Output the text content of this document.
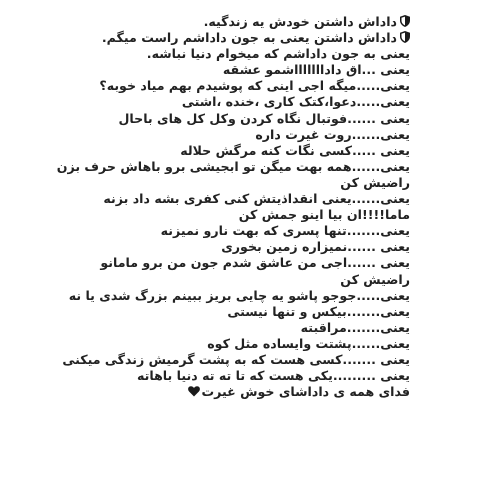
داداش داشتن خودش یه زندگیه.
داداش داشتن یعنی به جون داداشم راست میگم.
یعنی به جون داداشم که میخوام دنیا نباشه.
یعنی ...اق داداااااااشمو عشقه
یعنی.....میگه اجی اینی که پوشیدم بهم میاد خوبه؟
یعنی.....دعوا،کتک کاری ،خنده ،اشتی
یعنی ......فوتبال نگاه کردن وکل کل های باحال
یعنی......روت غیرت داره
یعنی .....کسی نگات کنه مرگش حلاله
یعنی......همه بهت میگن تو ابجیشی برو باهاش حرف بزن راضیش کن
یعنی......یعنی انقداذیتش کنی کفری بشه داد بزنه ماما!!!!ان بیا اینو جمش کن
یعنی.......تنها پسری که بهت نارو نمیزنه
یعنی ......نمیزاره زمین بخوری
یعنی ......اجی من عاشق شدم جون من برو مامانو راضیش کن
یعنی.....جوجو پاشو یه چایی بریز ببینم بزرگ شدی یا نه
یعنی.......بیکس و تنها نیستی
یعنی.......مراقبته
یعنی......پشتت وایساده مثل کوه
یعنی .......کسی هست که به پشت گرمیش زندگی میکنی
یعنی .........یکی هست که تا ته ته دنیا باهاته
فدای همه ی داداشای خوش غیرت
